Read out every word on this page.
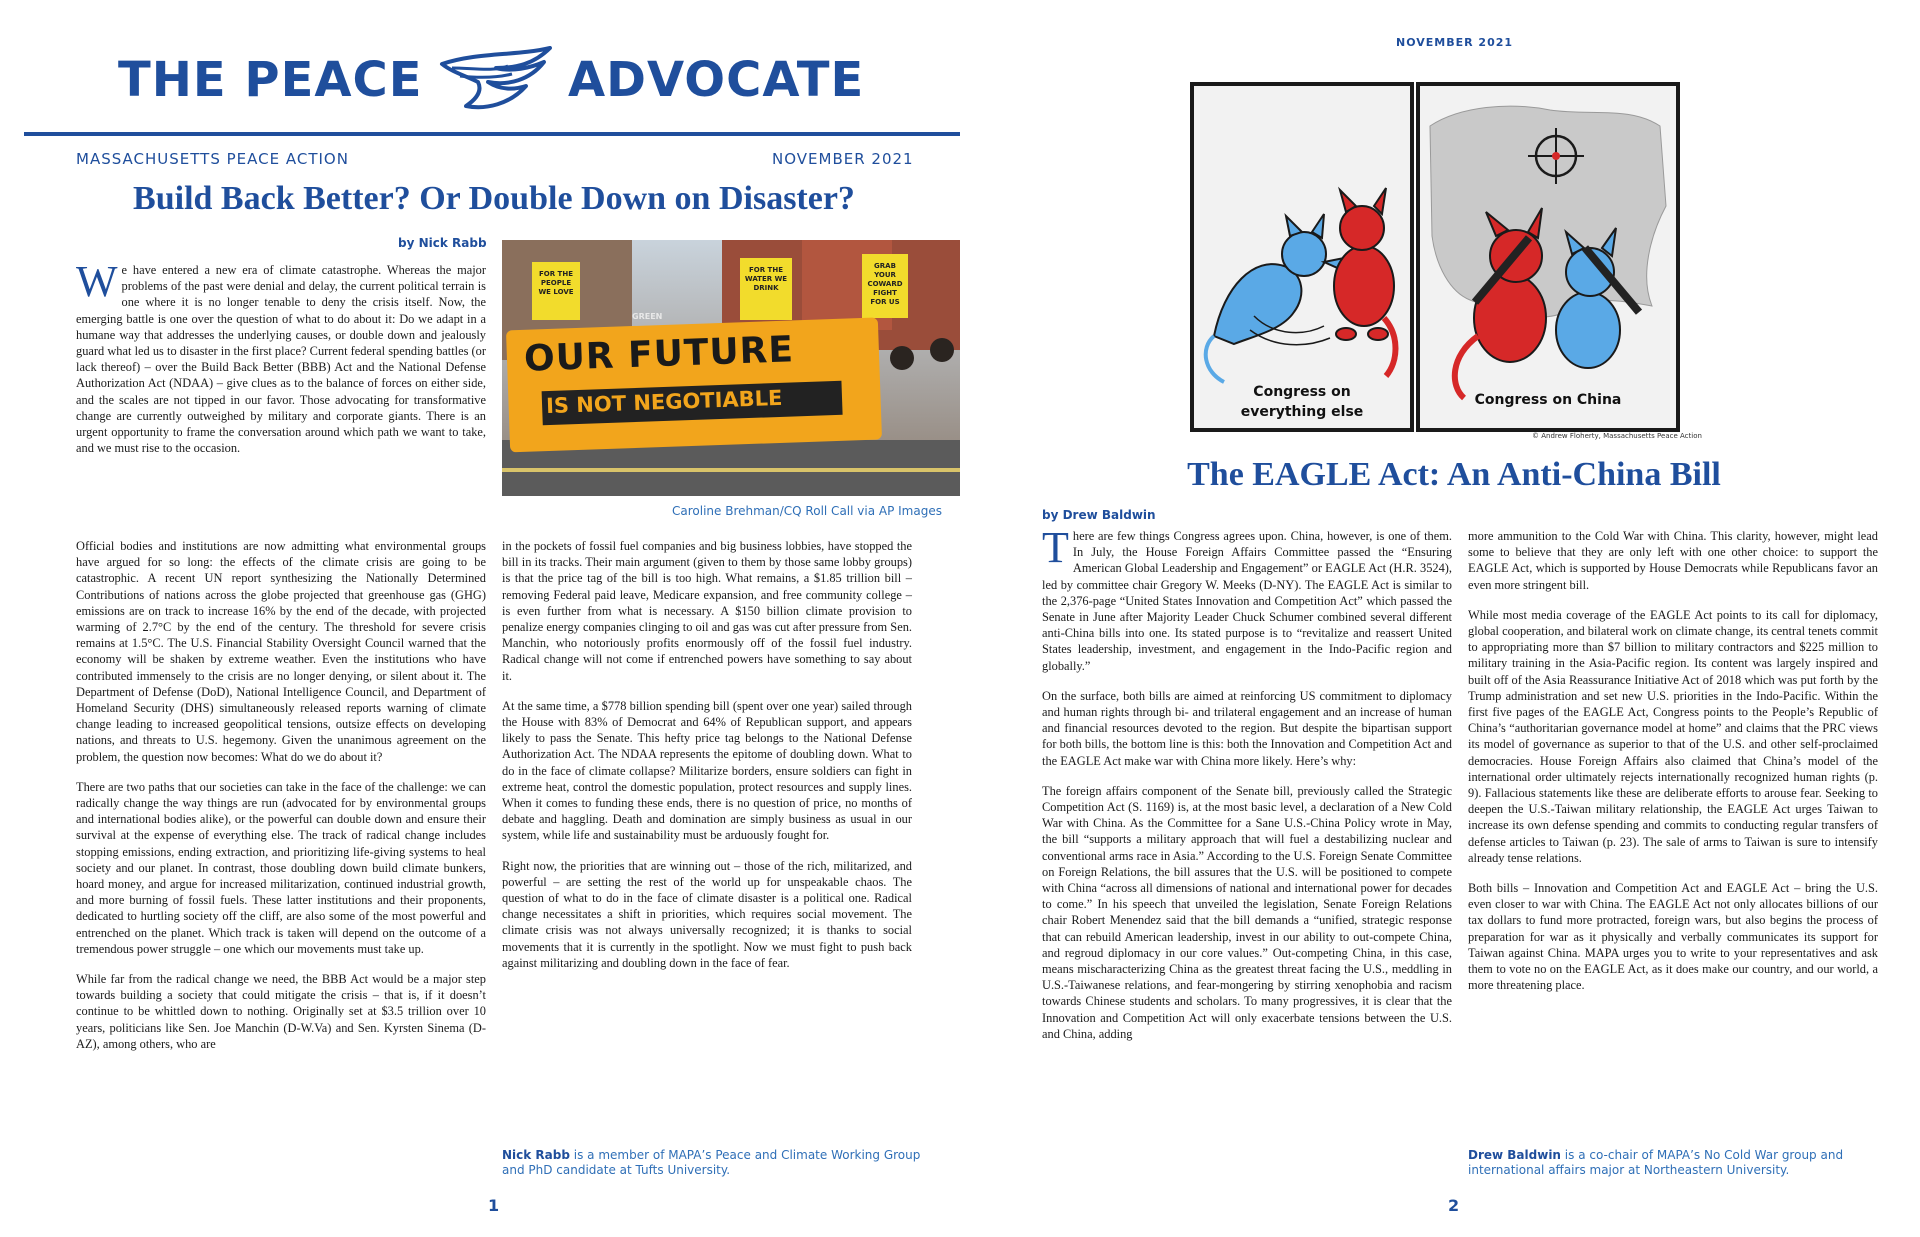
THE PEACE	ADVOCATE
MASSACHUSETTS PEACE ACTION	NOVEMBER 2021
Build Back Better? Or Double Down on Disaster?
by Nick Rabb
We have entered a new era of climate catastrophe. Whereas the major problems of the past were denial and delay, the current political terrain is one where it is no longer tenable to deny the crisis itself. Now, the emerging battle is one over the question of what to do about it: Do we adapt in a humane way that addresses the underlying causes, or double down and jealously guard what led us to disaster in the first place? Current federal spending battles (or lack thereof) – over the Build Back Better (BBB) Act and the National Defense Authorization Act (NDAA) – give clues as to the balance of forces on either side, and the scales are not tipped in our favor. Those advocating for transformative change are currently outweighed by military and corporate giants. There is an urgent opportunity to frame the conversation around which path we want to take, and we must rise to the occasion.
FOR THE PEOPLE WE LOVE
GREEN
FOR THE WATER WE DRINK
GRAB YOUR COWARD FIGHT FOR US
OUR FUTURE
IS NOT NEGOTIABLE
Caroline Brehman/CQ Roll Call via AP Images

Official bodies and institutions are now admitting what environmental groups have argued for so long: the effects of the climate crisis are going to be catastrophic. A recent UN report synthesizing the Nationally Determined Contributions of nations across the globe projected that greenhouse gas (GHG) emissions are on track to increase 16% by the end of the decade, with projected warming of 2.7°C by the end of the century. The threshold for severe crisis remains at 1.5°C. The U.S. Financial Stability Oversight Council warned that the economy will be shaken by extreme weather. Even the institutions who have contributed immensely to the crisis are no longer denying, or silent about it. The Department of Defense (DoD), National Intelligence Council, and Department of Homeland Security (DHS) simultaneously released reports warning of climate change leading to increased geopolitical tensions, outsize effects on developing nations, and threats to U.S. hegemony. Given the unanimous agreement on the problem, the question now becomes: What do we do about it?

There are two paths that our societies can take in the face of the challenge: we can radically change the way things are run (advocated for by environmental groups and international bodies alike), or the powerful can double down and ensure their survival at the expense of everything else. The track of radical change includes stopping emissions, ending extraction, and prioritizing life-giving systems to heal society and our planet. In contrast, those doubling down build climate bunkers, hoard money, and argue for increased militarization, continued industrial growth, and more burning of fossil fuels. These latter institutions and their proponents, dedicated to hurtling society off the cliff, are also some of the most powerful and entrenched on the planet. Which track is taken will depend on the outcome of a tremendous power struggle – one which our movements must take up.

While far from the radical change we need, the BBB Act would be a major step towards building a society that could mitigate the crisis – that is, if it doesn’t continue to be whittled down to nothing. Originally set at $3.5 trillion over 10 years, politicians like Sen. Joe Manchin (D-W.Va) and Sen. Kyrsten Sinema (D-AZ), among others, who are

in the pockets of fossil fuel companies and big business lobbies, have stopped the bill in its tracks. Their main argument (given to them by those same lobby groups) is that the price tag of the bill is too high. What remains, a $1.85 trillion bill – removing Federal paid leave, Medicare expansion, and free community college – is even further from what is necessary. A $150 billion climate provision to penalize energy companies clinging to oil and gas was cut after pressure from Sen. Manchin, who notoriously profits enormously off of the fossil fuel industry. Radical change will not come if entrenched powers have something to say about it.

At the same time, a $778 billion spending bill (spent over one year) sailed through the House with 83% of Democrat and 64% of Republican support, and appears likely to pass the Senate. This hefty price tag belongs to the National Defense Authorization Act. The NDAA represents the epitome of doubling down. What to do in the face of climate collapse? Militarize borders, ensure soldiers can fight in extreme heat, control the domestic population, protect resources and supply lines. When it comes to funding these ends, there is no question of price, no months of debate and haggling. Death and domination are simply business as usual in our system, while life and sustainability must be arduously fought for.

Right now, the priorities that are winning out – those of the rich, militarized, and powerful – are setting the rest of the world up for unspeakable chaos. The question of what to do in the face of climate disaster is a political one. Radical change necessitates a shift in priorities, which requires social movement. The climate crisis was not always universally recognized; it is thanks to social movements that it is currently in the spotlight. Now we must fight to push back against militarizing and doubling down in the face of fear.

Nick Rabb is a member of MAPA’s Peace and Climate Working Group and PhD candidate at Tufts University.
1
NOVEMBER 2021
Congress on
everything else
Congress on China
© Andrew Floherty, Massachusetts Peace Action
The EAGLE Act: An Anti-China Bill
by Drew Baldwin

There are few things Congress agrees upon. China, however, is one of them. In July, the House Foreign Affairs Committee passed the “Ensuring American Global Leadership and Engagement” or EAGLE Act (H.R. 3524), led by committee chair Gregory W. Meeks (D-NY). The EAGLE Act is similar to the 2,376-page “United States Innovation and Competition Act” which passed the Senate in June after Majority Leader Chuck Schumer combined several different anti-China bills into one. Its stated purpose is to “revitalize and reassert United States leadership, investment, and engagement in the Indo-Pacific region and globally.”

On the surface, both bills are aimed at reinforcing US commitment to diplomacy and human rights through bi- and trilateral engagement and an increase of human and financial resources devoted to the region. But despite the bipartisan support for both bills, the bottom line is this: both the Innovation and Competition Act and the EAGLE Act make war with China more likely. Here’s why:

The foreign affairs component of the Senate bill, previously called the Strategic Competition Act (S. 1169) is, at the most basic level, a declaration of a New Cold War with China. As the Committee for a Sane U.S.-China Policy wrote in May, the bill “supports a military approach that will fuel a destabilizing nuclear and conventional arms race in Asia.” According to the U.S. Foreign Senate Committee on Foreign Relations, the bill assures that the U.S. will be positioned to compete with China “across all dimensions of national and international power for decades to come.” In his speech that unveiled the legislation, Senate Foreign Relations chair Robert Menendez said that the bill demands a “unified, strategic response that can rebuild American leadership, invest in our ability to out-compete China, and regroud diplomacy in our core values.” Out-competing China, in this case, means mischaracterizing China as the greatest threat facing the U.S., meddling in U.S.-Taiwanese relations, and fear-mongering by stirring xenophobia and racism towards Chinese students and scholars. To many progressives, it is clear that the Innovation and Competition Act will only exacerbate tensions between the U.S. and China, adding

more ammunition to the Cold War with China. This clarity, however, might lead some to believe that they are only left with one other choice: to support the EAGLE Act, which is supported by House Democrats while Republicans favor an even more stringent bill.

While most media coverage of the EAGLE Act points to its call for diplomacy, global cooperation, and bilateral work on climate change, its central tenets commit to appropriating more than $7 billion to military contractors and $225 million to military training in the Asia-Pacific region. Its content was largely inspired and built off of the Asia Reassurance Initiative Act of 2018 which was put forth by the Trump administration and set new U.S. priorities in the Indo-Pacific. Within the first five pages of the EAGLE Act, Congress points to the People’s Republic of China’s “authoritarian governance model at home” and claims that the PRC views its model of governance as superior to that of the U.S. and other self-proclaimed democracies. House Foreign Affairs also claimed that China’s model of the international order ultimately rejects internationally recognized human rights (p. 9). Fallacious statements like these are deliberate efforts to arouse fear. Seeking to deepen the U.S.-Taiwan military relationship, the EAGLE Act urges Taiwan to increase its own defense spending and commits to conducting regular transfers of defense articles to Taiwan (p. 23). The sale of arms to Taiwan is sure to intensify already tense relations.

Both bills – Innovation and Competition Act and EAGLE Act – bring the U.S. even closer to war with China. The EAGLE Act not only allocates billions of our tax dollars to fund more protracted, foreign wars, but also begins the process of preparation for war as it physically and verbally communicates its support for Taiwan against China. MAPA urges you to write to your representatives and ask them to vote no on the EAGLE Act, as it does make our country, and our world, a more threatening place.

Drew Baldwin is a co-chair of MAPA’s No Cold War group and international affairs major at Northeastern University.
2
